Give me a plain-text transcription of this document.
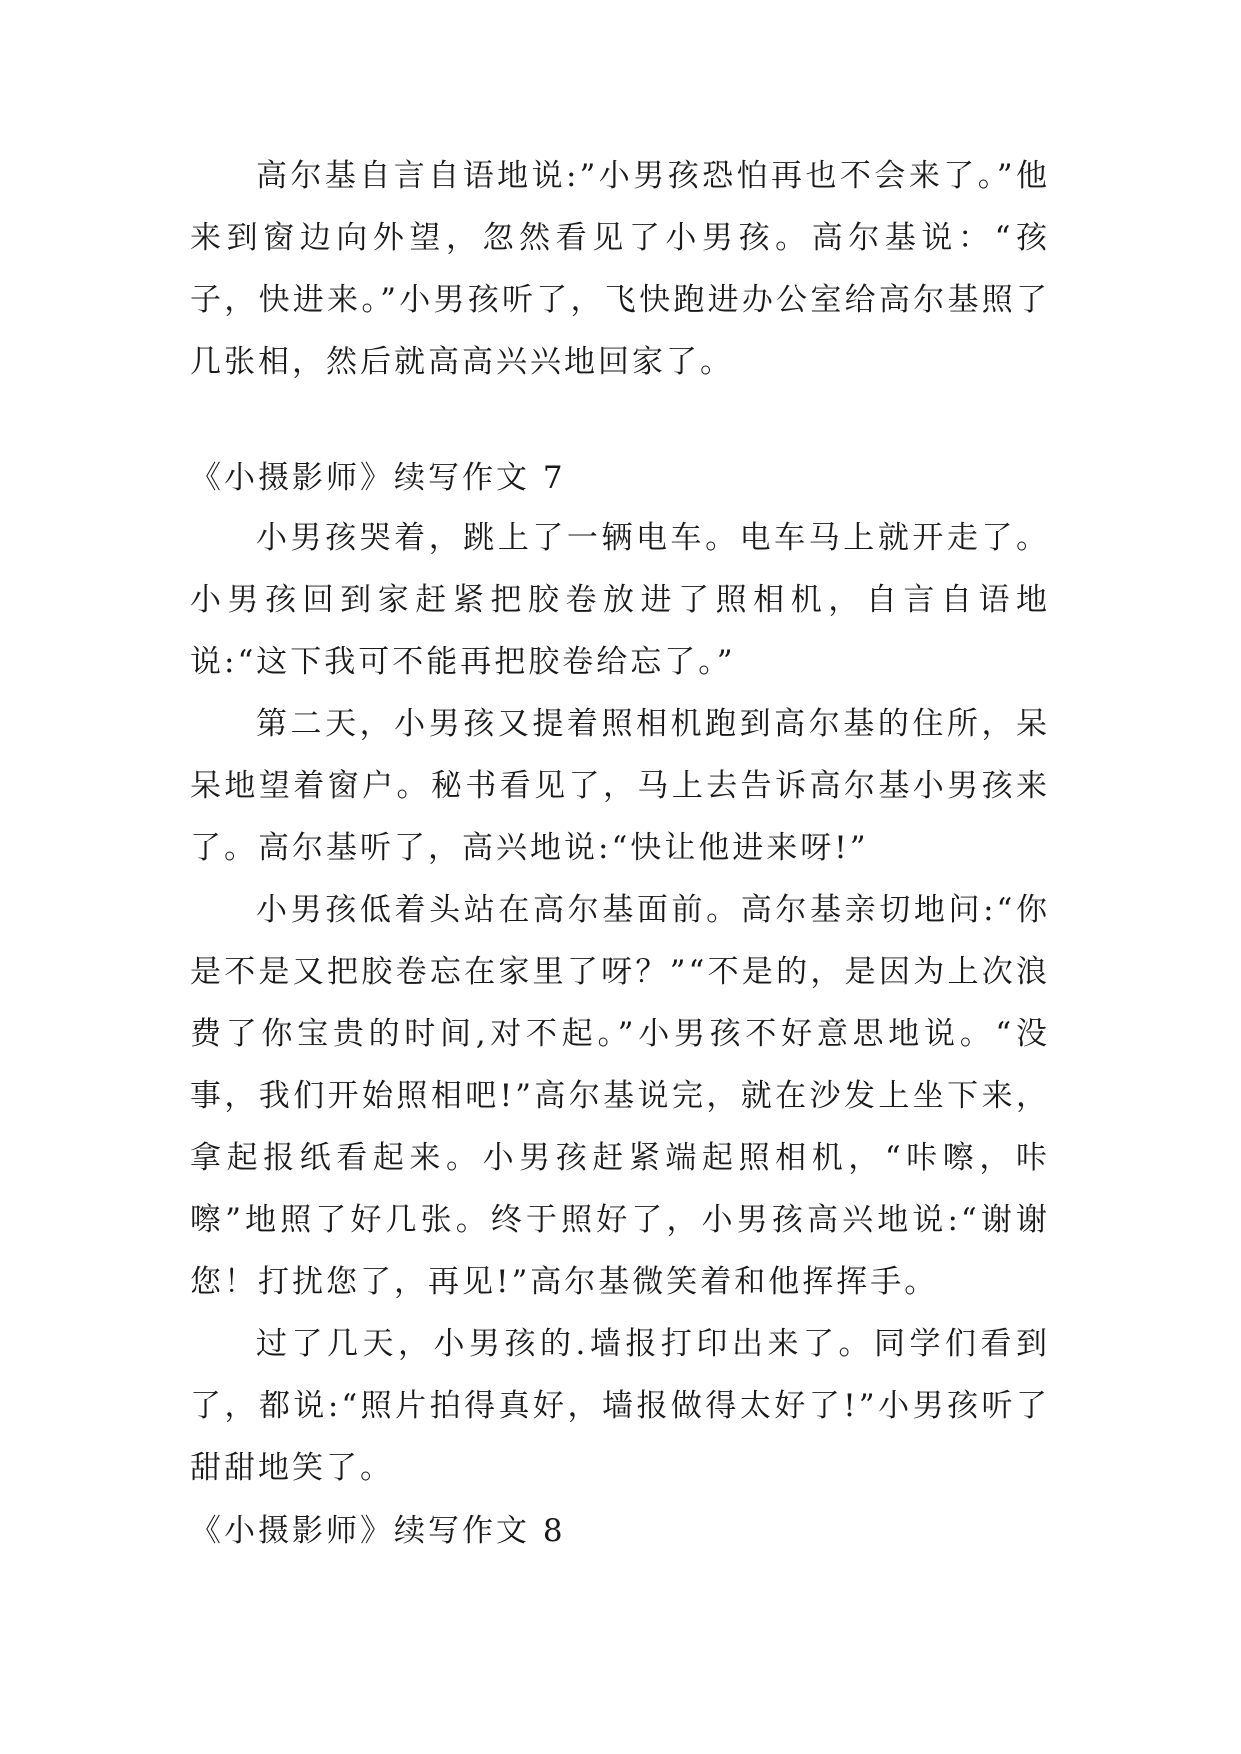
高尔基自言自语地说:”小男孩恐怕再也不会来了。”他来到窗边向外望，忽然看见了小男孩。高尔基说：“孩子，快进来。”小男孩听了，飞快跑进办公室给高尔基照了几张相，然后就高高兴兴地回家了。

《小摄影师》续写作文 7

小男孩哭着，跳上了一辆电车。电车马上就开走了。小男孩回到家赶紧把胶卷放进了照相机，自言自语地说:“这下我可不能再把胶卷给忘了。”

第二天，小男孩又提着照相机跑到高尔基的住所，呆呆地望着窗户。秘书看见了，马上去告诉高尔基小男孩来了。高尔基听了，高兴地说:“快让他进来呀!”

小男孩低着头站在高尔基面前。高尔基亲切地问:“你是不是又把胶卷忘在家里了呀？”“不是的，是因为上次浪费了你宝贵的时间,对不起。”小男孩不好意思地说。“没事，我们开始照相吧!”高尔基说完，就在沙发上坐下来，拿起报纸看起来。小男孩赶紧端起照相机，“咔嚓，咔嚓”地照了好几张。终于照好了，小男孩高兴地说:“谢谢您！打扰您了，再见!”高尔基微笑着和他挥挥手。

过了几天，小男孩的.墙报打印出来了。同学们看到了，都说:“照片拍得真好，墙报做得太好了!”小男孩听了甜甜地笑了。

《小摄影师》续写作文 8
